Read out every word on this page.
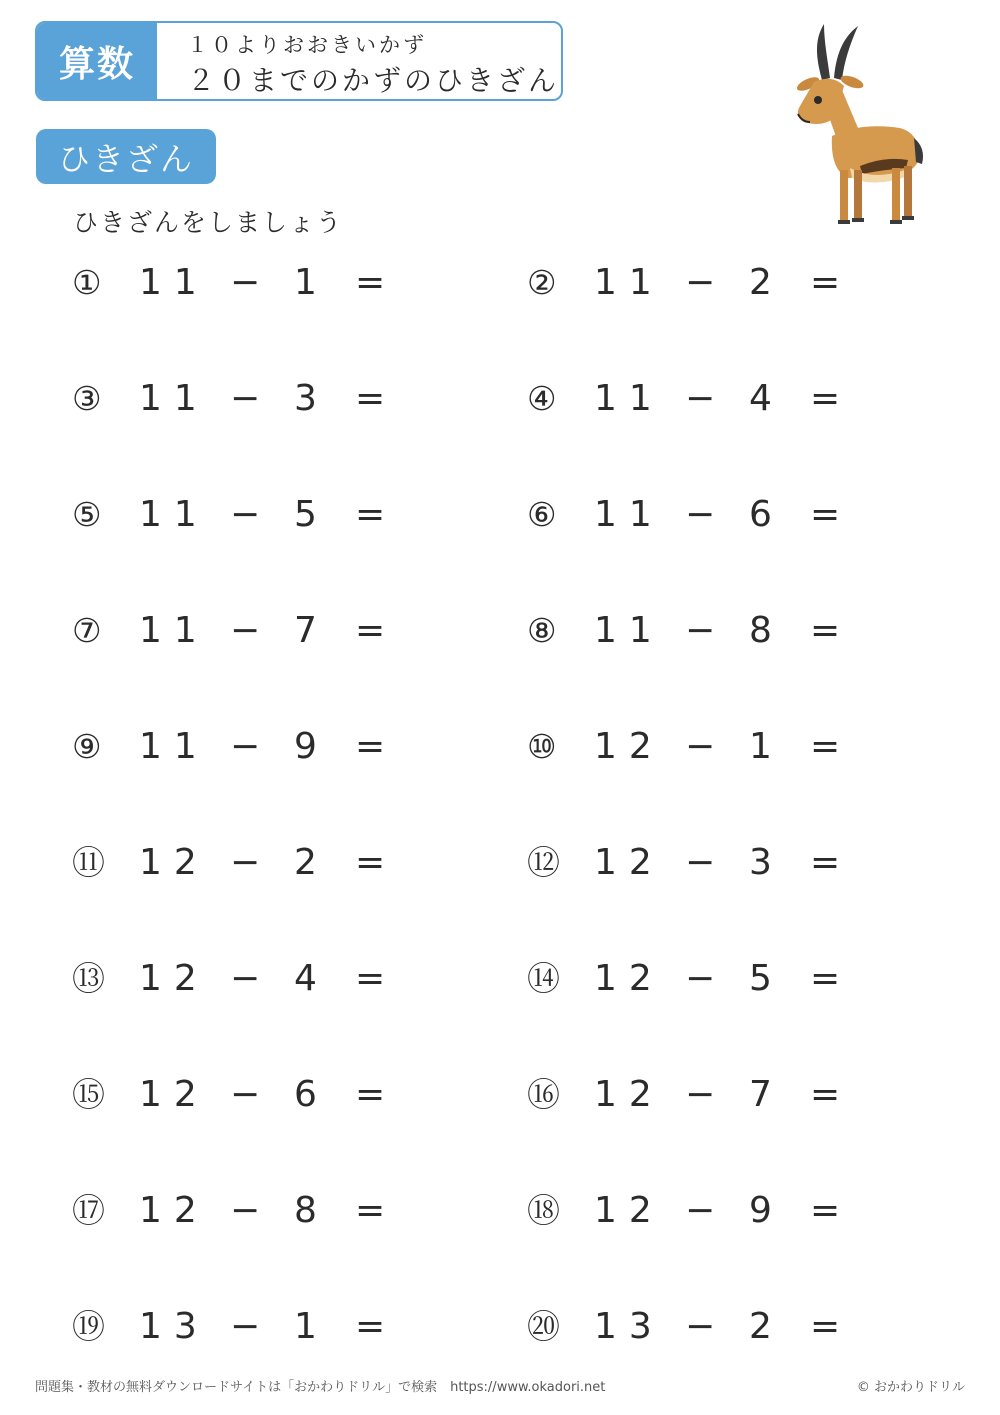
算数	１０よりおおきいかず
２０までのかずのひきざん
ひきざん
ひきざんをしましょう
① 11 − 1 =	② 11 − 2 =
③ 11 − 3 =	④ 11 − 4 =
⑤ 11 − 5 =	⑥ 11 − 6 =
⑦ 11 − 7 =	⑧ 11 − 8 =
⑨ 11 − 9 =	⑩ 12 − 1 =
⑪ 12 − 2 =	⑫ 12 − 3 =
⑬ 12 − 4 =	⑭ 12 − 5 =
⑮ 12 − 6 =	⑯ 12 − 7 =
⑰ 12 − 8 =	⑱ 12 − 9 =
⑲ 13 − 1 =	⑳ 13 − 2 =
問題集・教材の無料ダウンロードサイトは「おかわりドリル」で検索　https://www.okadori.net	© おかわりドリル
